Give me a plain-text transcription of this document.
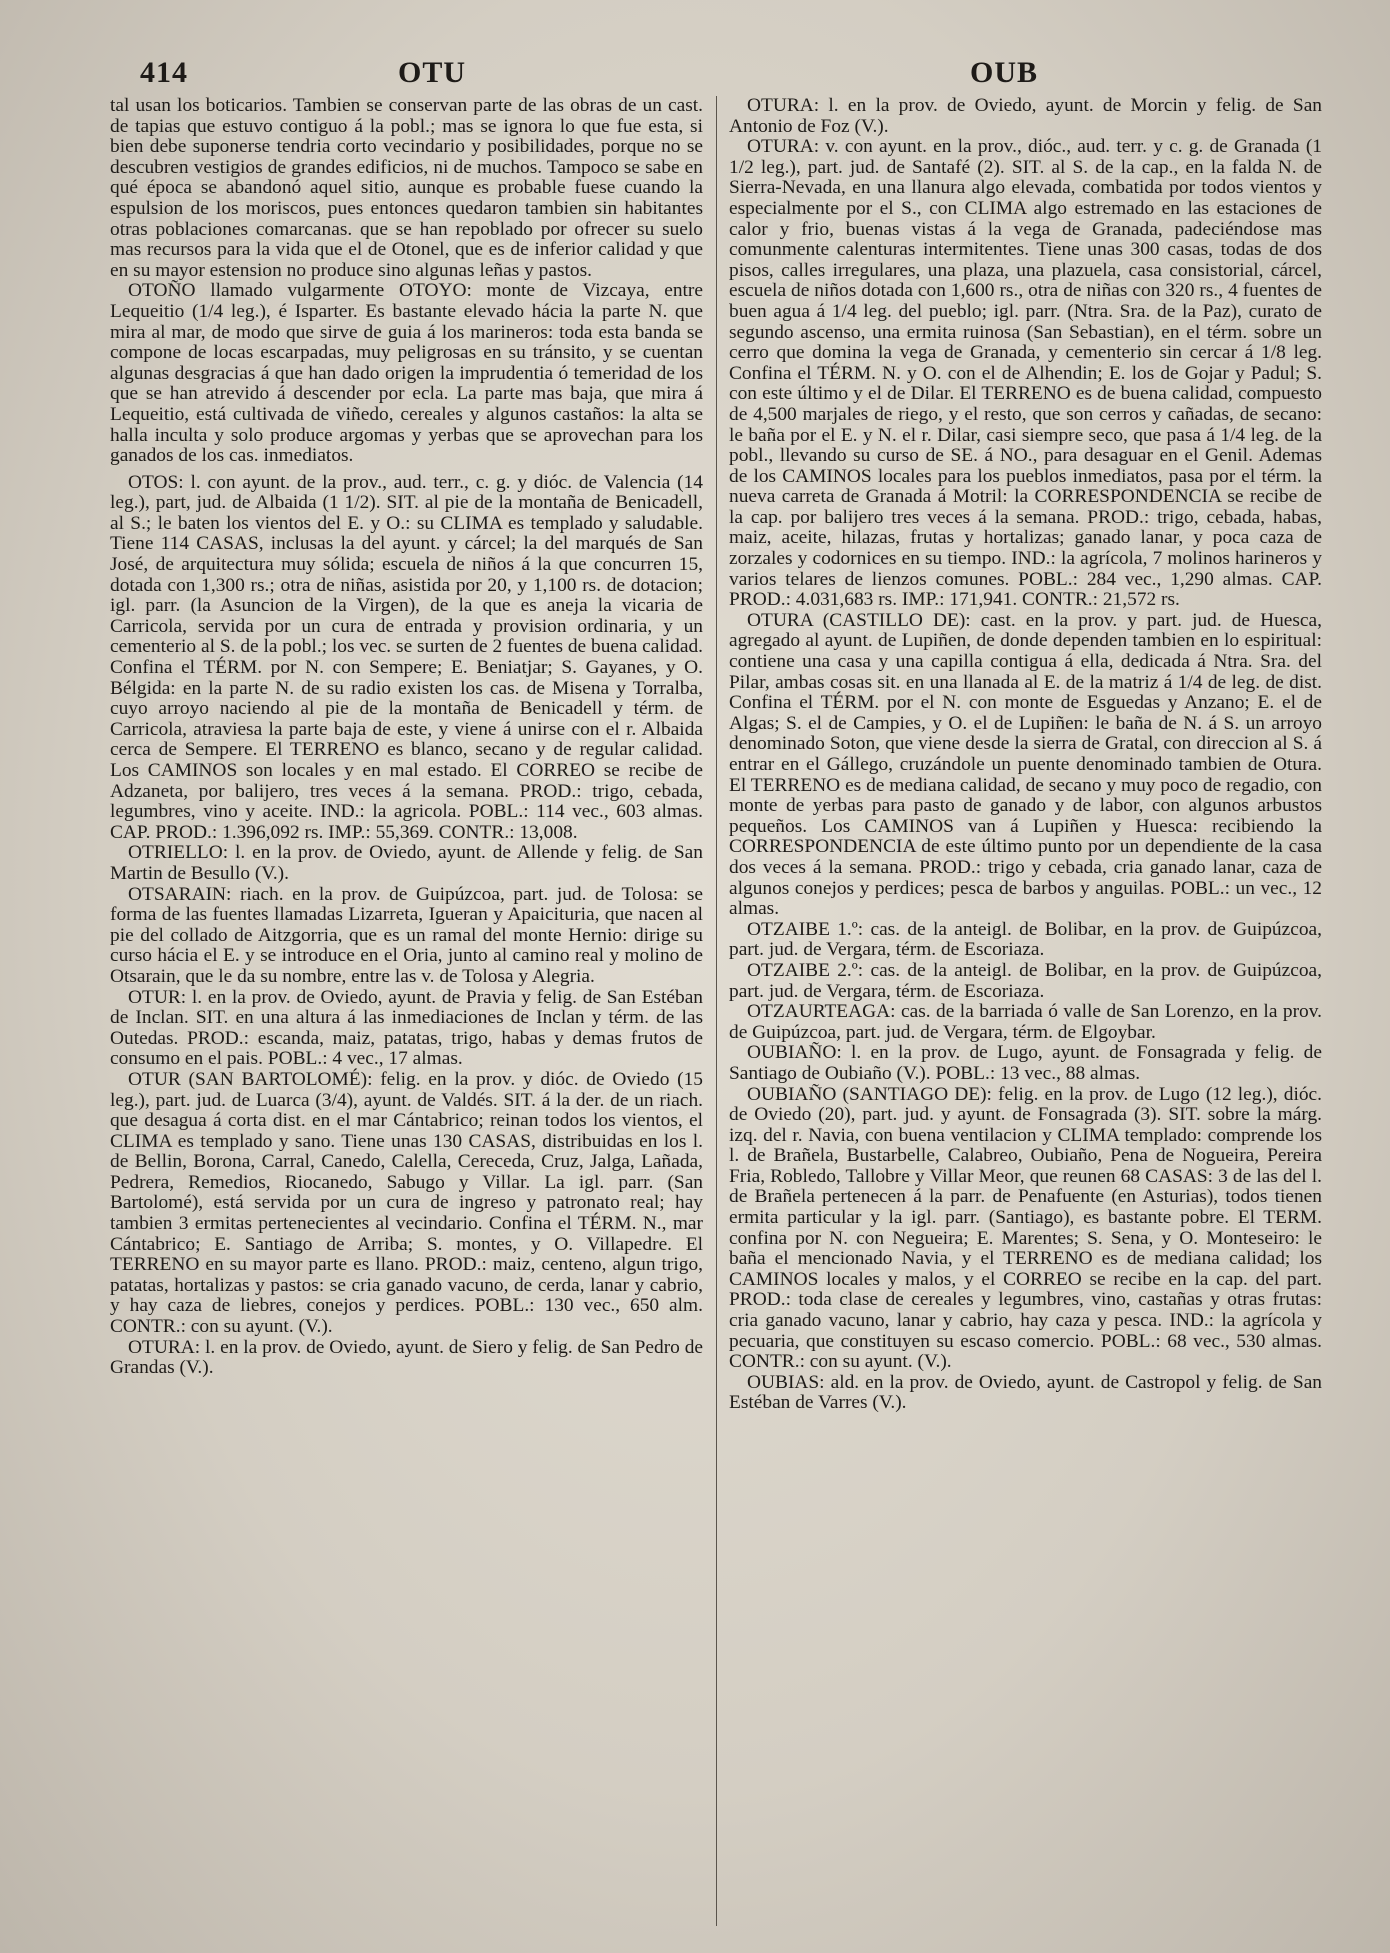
414	OTU	OUB

tal usan los boticarios. Tambien se conservan parte de las obras de un cast. de tapias que estuvo contiguo á la pobl.; mas se ignora lo que fue esta, si bien debe suponerse tendria corto vecindario y posibilidades, porque no se descubren vestigios de grandes edificios, ni de muchos. Tampoco se sabe en qué época se abandonó aquel sitio, aunque es probable fuese cuando la espulsion de los moriscos, pues entonces quedaron tambien sin habitantes otras poblaciones comarcanas. que se han repoblado por ofrecer su suelo mas recursos para la vida que el de Otonel, que es de inferior calidad y que en su mayor estension no produce sino algunas leñas y pastos.

OTOÑO llamado vulgarmente OTOYO: monte de Vizcaya, entre Lequeitio (1/4 leg.), é Isparter. Es bastante elevado hácia la parte N. que mira al mar, de modo que sirve de guia á los marineros: toda esta banda se compone de locas escarpadas, muy peligrosas en su tránsito, y se cuentan algunas desgracias á que han dado origen la imprudentia ó temeridad de los que se han atrevido á descender por ecla. La parte mas baja, que mira á Lequeitio, está cultivada de viñedo, cereales y algunos castaños: la alta se halla inculta y solo produce argomas y yerbas que se aprovechan para los ganados de los cas. inmediatos.

OTOS: l. con ayunt. de la prov., aud. terr., c. g. y dióc. de Valencia (14 leg.), part, jud. de Albaida (1 1/2). SIT. al pie de la montaña de Benicadell, al S.; le baten los vientos del E. y O.: su CLIMA es templado y saludable. Tiene 114 CASAS, inclusas la del ayunt. y cárcel; la del marqués de San José, de arquitectura muy sólida; escuela de niños á la que concurren 15, dotada con 1,300 rs.; otra de niñas, asistida por 20, y 1,100 rs. de dotacion; igl. parr. (la Asuncion de la Virgen), de la que es aneja la vicaria de Carricola, servida por un cura de entrada y provision ordinaria, y un cementerio al S. de la pobl.; los vec. se surten de 2 fuentes de buena calidad. Confina el TÉRM. por N. con Sempere; E. Beniatjar; S. Gayanes, y O. Bélgida: en la parte N. de su radio existen los cas. de Misena y Torralba, cuyo arroyo naciendo al pie de la montaña de Benicadell y térm. de Carricola, atraviesa la parte baja de este, y viene á unirse con el r. Albaida cerca de Sempere. El TERRENO es blanco, secano y de regular calidad. Los CAMINOS son locales y en mal estado. El CORREO se recibe de Adzaneta, por balijero, tres veces á la semana. PROD.: trigo, cebada, legumbres, vino y aceite. IND.: la agricola. POBL.: 114 vec., 603 almas. CAP. PROD.: 1.396,092 rs. IMP.: 55,369. CONTR.: 13,008.

OTRIELLO: l. en la prov. de Oviedo, ayunt. de Allende y felig. de San Martin de Besullo (V.).

OTSARAIN: riach. en la prov. de Guipúzcoa, part. jud. de Tolosa: se forma de las fuentes llamadas Lizarreta, Igueran y Apaicituria, que nacen al pie del collado de Aitzgorria, que es un ramal del monte Hernio: dirige su curso hácia el E. y se introduce en el Oria, junto al camino real y molino de Otsarain, que le da su nombre, entre las v. de Tolosa y Alegria.

OTUR: l. en la prov. de Oviedo, ayunt. de Pravia y felig. de San Estéban de Inclan. SIT. en una altura á las inmediaciones de Inclan y térm. de las Outedas. PROD.: escanda, maiz, patatas, trigo, habas y demas frutos de consumo en el pais. POBL.: 4 vec., 17 almas.

OTUR (SAN BARTOLOMÉ): felig. en la prov. y dióc. de Oviedo (15 leg.), part. jud. de Luarca (3/4), ayunt. de Valdés. SIT. á la der. de un riach. que desagua á corta dist. en el mar Cántabrico; reinan todos los vientos, el CLIMA es templado y sano. Tiene unas 130 CASAS, distribuidas en los l. de Bellin, Borona, Carral, Canedo, Calella, Cereceda, Cruz, Jalga, Lañada, Pedrera, Remedios, Riocanedo, Sabugo y Villar. La igl. parr. (San Bartolomé), está servida por un cura de ingreso y patronato real; hay tambien 3 ermitas pertenecientes al vecindario. Confina el TÉRM. N., mar Cántabrico; E. Santiago de Arriba; S. montes, y O. Villapedre. El TERRENO en su mayor parte es llano. PROD.: maiz, centeno, algun trigo, patatas, hortalizas y pastos: se cria ganado vacuno, de cerda, lanar y cabrio, y hay caza de liebres, conejos y perdices. POBL.: 130 vec., 650 alm. CONTR.: con su ayunt. (V.).

OTURA: l. en la prov. de Oviedo, ayunt. de Siero y felig. de San Pedro de Grandas (V.).

OTURA: l. en la prov. de Oviedo, ayunt. de Morcin y felig. de San Antonio de Foz (V.).

OTURA: v. con ayunt. en la prov., dióc., aud. terr. y c. g. de Granada (1 1/2 leg.), part. jud. de Santafé (2). SIT. al S. de la cap., en la falda N. de Sierra-Nevada, en una llanura algo elevada, combatida por todos vientos y especialmente por el S., con CLIMA algo estremado en las estaciones de calor y frio, buenas vistas á la vega de Granada, padeciéndose mas comunmente calenturas intermitentes. Tiene unas 300 casas, todas de dos pisos, calles irregulares, una plaza, una plazuela, casa consistorial, cárcel, escuela de niños dotada con 1,600 rs., otra de niñas con 320 rs., 4 fuentes de buen agua á 1/4 leg. del pueblo; igl. parr. (Ntra. Sra. de la Paz), curato de segundo ascenso, una ermita ruinosa (San Sebastian), en el térm. sobre un cerro que domina la vega de Granada, y cementerio sin cercar á 1/8 leg. Confina el TÉRM. N. y O. con el de Alhendin; E. los de Gojar y Padul; S. con este último y el de Dilar. El TERRENO es de buena calidad, compuesto de 4,500 marjales de riego, y el resto, que son cerros y cañadas, de secano: le baña por el E. y N. el r. Dilar, casi siempre seco, que pasa á 1/4 leg. de la pobl., llevando su curso de SE. á NO., para desaguar en el Genil. Ademas de los CAMINOS locales para los pueblos inmediatos, pasa por el térm. la nueva carreta de Granada á Motril: la CORRESPONDENCIA se recibe de la cap. por balijero tres veces á la semana. PROD.: trigo, cebada, habas, maiz, aceite, hilazas, frutas y hortalizas; ganado lanar, y poca caza de zorzales y codornices en su tiempo. IND.: la agrícola, 7 molinos harineros y varios telares de lienzos comunes. POBL.: 284 vec., 1,290 almas. CAP. PROD.: 4.031,683 rs. IMP.: 171,941. CONTR.: 21,572 rs.

OTURA (CASTILLO DE): cast. en la prov. y part. jud. de Huesca, agregado al ayunt. de Lupiñen, de donde dependen tambien en lo espiritual: contiene una casa y una capilla contigua á ella, dedicada á Ntra. Sra. del Pilar, ambas cosas sit. en una llanada al E. de la matriz á 1/4 de leg. de dist. Confina el TÉRM. por el N. con monte de Esguedas y Anzano; E. el de Algas; S. el de Campies, y O. el de Lupiñen: le baña de N. á S. un arroyo denominado Soton, que viene desde la sierra de Gratal, con direccion al S. á entrar en el Gállego, cruzándole un puente denominado tambien de Otura. El TERRENO es de mediana calidad, de secano y muy poco de regadio, con monte de yerbas para pasto de ganado y de labor, con algunos arbustos pequeños. Los CAMINOS van á Lupiñen y Huesca: recibiendo la CORRESPONDENCIA de este último punto por un dependiente de la casa dos veces á la semana. PROD.: trigo y cebada, cria ganado lanar, caza de algunos conejos y perdices; pesca de barbos y anguilas. POBL.: un vec., 12 almas.

OTZAIBE 1.º: cas. de la anteigl. de Bolibar, en la prov. de Guipúzcoa, part. jud. de Vergara, térm. de Escoriaza.

OTZAIBE 2.º: cas. de la anteigl. de Bolibar, en la prov. de Guipúzcoa, part. jud. de Vergara, térm. de Escoriaza.

OTZAURTEAGA: cas. de la barriada ó valle de San Lorenzo, en la prov. de Guipúzcoa, part. jud. de Vergara, térm. de Elgoybar.

OUBIAÑO: l. en la prov. de Lugo, ayunt. de Fonsagrada y felig. de Santiago de Oubiaño (V.). POBL.: 13 vec., 88 almas.

OUBIAÑO (SANTIAGO DE): felig. en la prov. de Lugo (12 leg.), dióc. de Oviedo (20), part. jud. y ayunt. de Fonsagrada (3). SIT. sobre la márg. izq. del r. Navia, con buena ventilacion y CLIMA templado: comprende los l. de Brañela, Bustarbelle, Calabreo, Oubiaño, Pena de Nogueira, Pereira Fria, Robledo, Tallobre y Villar Meor, que reunen 68 CASAS: 3 de las del l. de Brañela pertenecen á la parr. de Penafuente (en Asturias), todos tienen ermita particular y la igl. parr. (Santiago), es bastante pobre. El TERM. confina por N. con Negueira; E. Marentes; S. Sena, y O. Monteseiro: le baña el mencionado Navia, y el TERRENO es de mediana calidad; los CAMINOS locales y malos, y el CORREO se recibe en la cap. del part. PROD.: toda clase de cereales y legumbres, vino, castañas y otras frutas: cria ganado vacuno, lanar y cabrio, hay caza y pesca. IND.: la agrícola y pecuaria, que constituyen su escaso comercio. POBL.: 68 vec., 530 almas. CONTR.: con su ayunt. (V.).

OUBIAS: ald. en la prov. de Oviedo, ayunt. de Castropol y felig. de San Estéban de Varres (V.).
